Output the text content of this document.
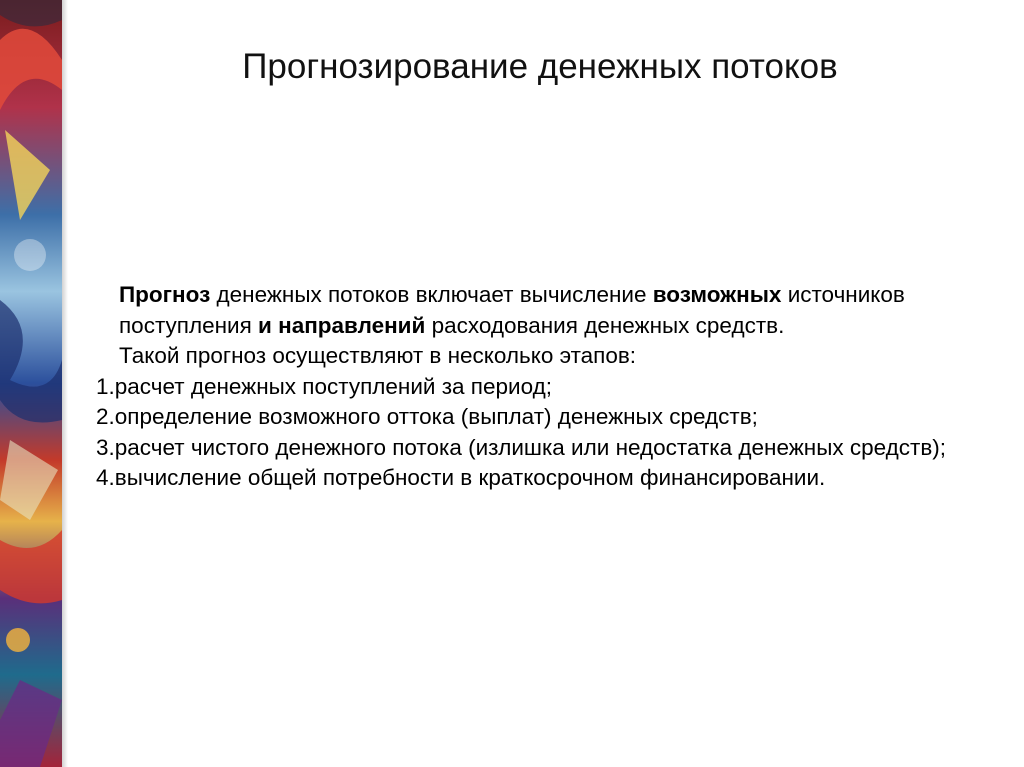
Прогнозирование денежных потоков

Прогноз денежных потоков включает вычисление возможных источников поступления и направлений расходования денежных средств.

Такой прогноз осуществляют в несколько этапов:

1.расчет денежных поступлений за период;

2.определение возможного оттока (выплат) денежных средств;

3.расчет чистого денежного потока (излишка или недостатка денежных средств);

4.вычисление общей потребности в краткосрочном финансировании.
